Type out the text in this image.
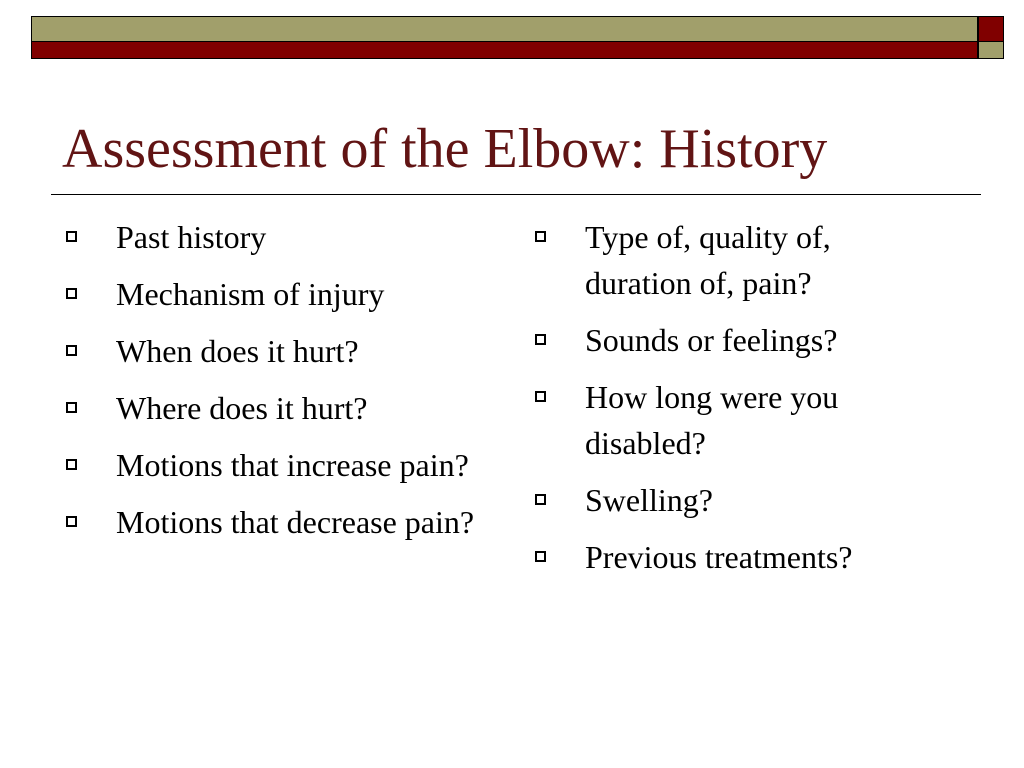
Assessment of the Elbow: History
Past history
Mechanism of injury
When does it hurt?
Where does it hurt?
Motions that increase pain?
Motions that decrease pain?
Type of, quality of, duration of, pain?
Sounds or feelings?
How long were you disabled?
Swelling?
Previous treatments?
